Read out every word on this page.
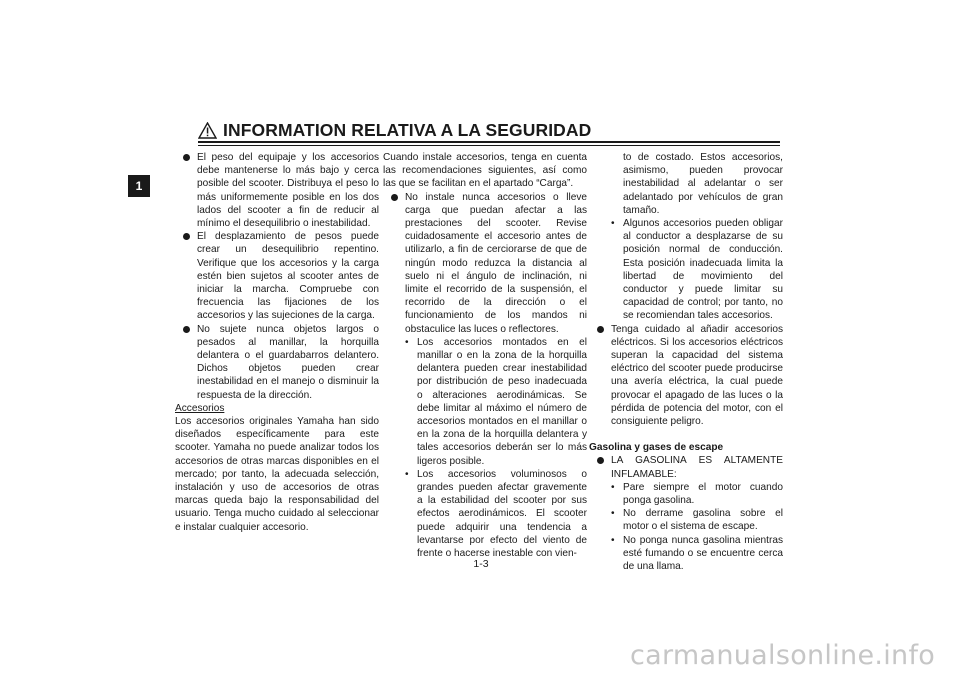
INFORMATION RELATIVA A LA SEGURIDAD
1
El peso del equipaje y los accesorios debe mantenerse lo más bajo y cerca posible del scooter. Distribuya el peso lo más uniformemente posible en los dos lados del scooter a fin de reducir al mínimo el desequilibrio o inestabilidad.
El desplazamiento de pesos puede crear un desequilibrio repentino. Verifique que los accesorios y la carga estén bien sujetos al scooter antes de iniciar la marcha. Compruebe con frecuencia las fijaciones de los accesorios y las sujeciones de la carga.
No sujete nunca objetos largos o pesados al manillar, la horquilla delantera o el guardabarros delantero. Dichos objetos pueden crear inestabilidad en el manejo o disminuir la respuesta de la dirección.
Accesorios
Los accesorios originales Yamaha han sido diseñados específicamente para este scooter. Yamaha no puede analizar todos los accesorios de otras marcas disponibles en el mercado; por tanto, la adecuada selección, instalación y uso de accesorios de otras marcas queda bajo la responsabilidad del usuario. Tenga mucho cuidado al seleccionar e instalar cualquier accesorio.
Cuando instale accesorios, tenga en cuenta las recomendaciones siguientes, así como las que se facilitan en el apartado “Carga”.
No instale nunca accesorios o lleve carga que puedan afectar a las prestaciones del scooter. Revise cuidadosamente el accesorio antes de utilizarlo, a fin de cerciorarse de que de ningún modo reduzca la distancia al suelo ni el ángulo de inclinación, ni limite el recorrido de la suspensión, el recorrido de la dirección o el funcionamiento de los mandos ni obstaculice las luces o reflectores.
•
Los accesorios montados en el manillar o en la zona de la horquilla delantera pueden crear inestabilidad por distribución de peso inadecuada o alteraciones aerodinámicas. Se debe limitar al máximo el número de accesorios montados en el manillar o en la zona de la horquilla delantera y tales accesorios deberán ser lo más ligeros posible.
•
Los accesorios voluminosos o grandes pueden afectar gravemente a la estabilidad del scooter por sus efectos aerodinámicos. El scooter puede adquirir una tendencia a levantarse por efecto del viento de frente o hacerse inestable con vien-
to de costado. Estos accesorios, asimismo, pueden provocar inestabilidad al adelantar o ser adelantado por vehículos de gran tamaño.
•
Algunos accesorios pueden obligar al conductor a desplazarse de su posición normal de conducción. Esta posición inadecuada limita la libertad de movimiento del conductor y puede limitar su capacidad de control; por tanto, no se recomiendan tales accesorios.
Tenga cuidado al añadir accesorios eléctricos. Si los accesorios eléctricos superan la capacidad del sistema eléctrico del scooter puede producirse una avería eléctrica, la cual puede provocar el apagado de las luces o la pérdida de potencia del motor, con el consiguiente peligro.
Gasolina y gases de escape
LA GASOLINA ES ALTAMENTE INFLAMABLE:
•
Pare siempre el motor cuando ponga gasolina.
•
No derrame gasolina sobre el motor o el sistema de escape.
•
No ponga nunca gasolina mientras esté fumando o se encuentre cerca de una llama.
1-3
carmanualsonline.info
